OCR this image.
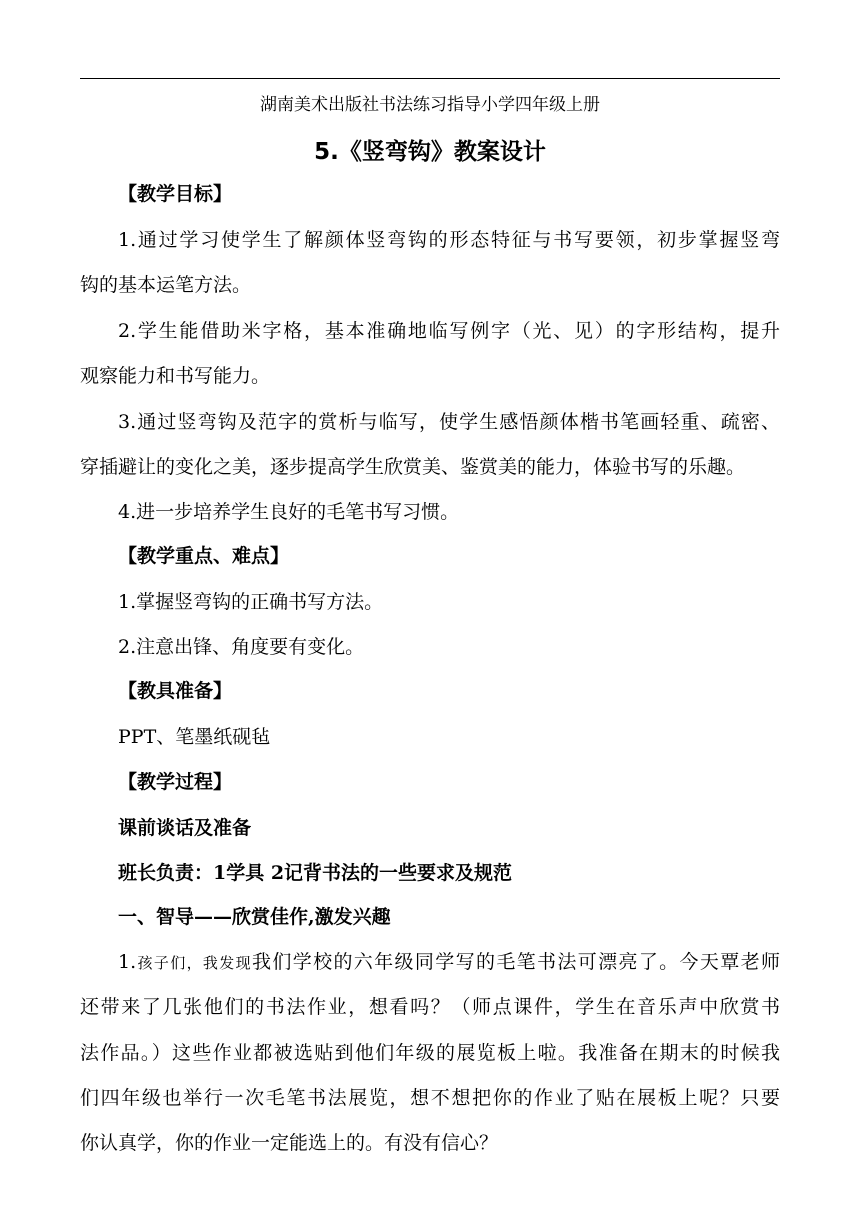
湖南美术出版社书法练习指导小学四年级上册
5.《竖弯钩》教案设计
【教学目标】
1.通过学习使学生了解颜体竖弯钩的形态特征与书写要领，初步掌握竖弯
钩的基本运笔方法。
2.学生能借助米字格，基本准确地临写例字（光、见）的字形结构，提升
观察能力和书写能力。
3.通过竖弯钩及范字的赏析与临写，使学生感悟颜体楷书笔画轻重、疏密、
穿插避让的变化之美，逐步提高学生欣赏美、鉴赏美的能力，体验书写的乐趣。
4.进一步培养学生良好的毛笔书写习惯。
【教学重点、难点】
1.掌握竖弯钩的正确书写方法。
2.注意出锋、角度要有变化。
【教具准备】
PPT、笔墨纸砚毡
【教学过程】
课前谈话及准备
班长负责：1学具 2记背书法的一些要求及规范
一、智导——欣赏佳作,激发兴趣
1.孩子们，我发现我们学校的六年级同学写的毛笔书法可漂亮了。今天覃老师
还带来了几张他们的书法作业，想看吗？（师点课件，学生在音乐声中欣赏书
法作品。）这些作业都被选贴到他们年级的展览板上啦。我准备在期末的时候我
们四年级也举行一次毛笔书法展览，想不想把你的作业了贴在展板上呢？只要
你认真学，你的作业一定能选上的。有没有信心？
